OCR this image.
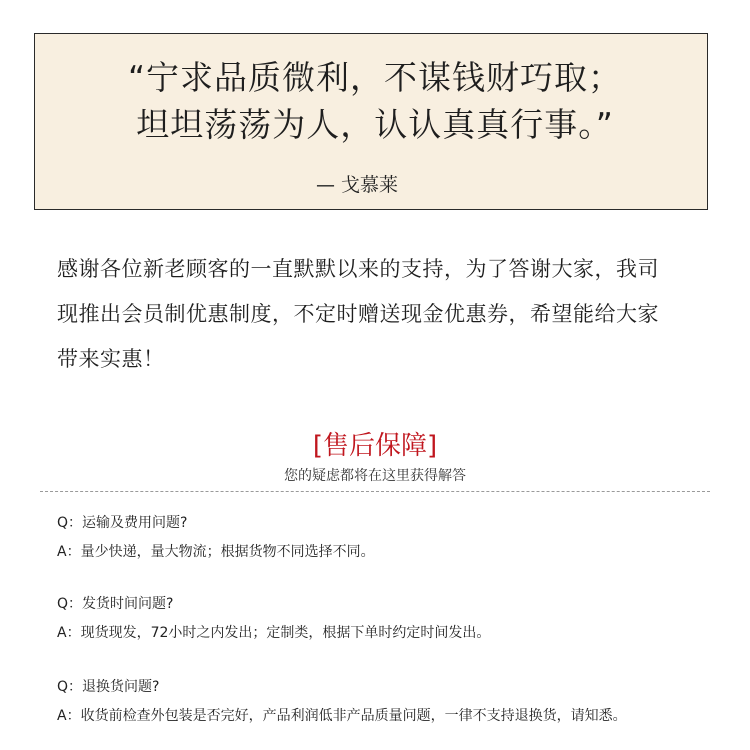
“宁求品质微利，不谋钱财巧取；
坦坦荡荡为人，认认真真行事。”
— 戈慕莱
感谢各位新老顾客的一直默默以来的支持，为了答谢大家，我司
现推出会员制优惠制度，不定时赠送现金优惠券，希望能给大家
带来实惠！
[售后保障]
您的疑虑都将在这里获得解答
Q：运输及费用问题?
A：量少快递，量大物流；根据货物不同选择不同。
Q：发货时间问题?
A：现货现发，72小时之内发出；定制类，根据下单时约定时间发出。
Q：退换货问题?
A：收货前检查外包装是否完好，产品利润低非产品质量问题，一律不支持退换货，请知悉。
